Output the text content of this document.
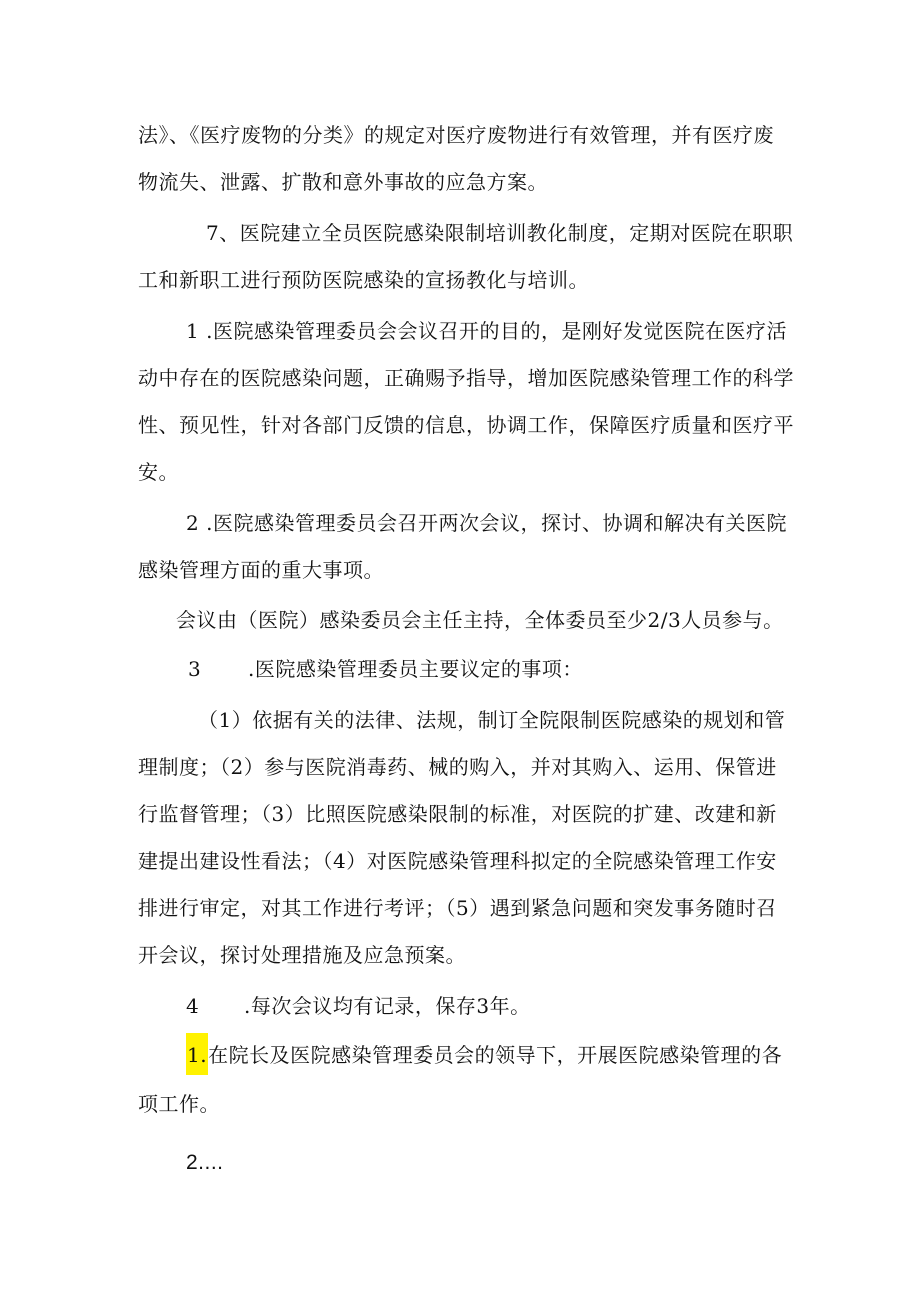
法》、《医疗废物的分类》的规定对医疗废物进行有效管理，并有医疗废
物流失、泄露、扩散和意外事故的应急方案。
7、医院建立全员医院感染限制培训教化制度，定期对医院在职职
工和新职工进行预防医院感染的宣扬教化与培训。
1 .医院感染管理委员会会议召开的目的，是刚好发觉医院在医疗活
动中存在的医院感染问题，正确赐予指导，增加医院感染管理工作的科学
性、预见性，针对各部门反馈的信息，协调工作，保障医疗质量和医疗平
安。
2 .医院感染管理委员会召开两次会议，探讨、协调和解决有关医院
感染管理方面的重大事项。
会议由（医院）感染委员会主任主持，全体委员至少2/3人员参与。
3 .医院感染管理委员主要议定的事项：
（1）依据有关的法律、法规，制订全院限制医院感染的规划和管
理制度；（2）参与医院消毒药、械的购入，并对其购入、运用、保管进
行监督管理；（3）比照医院感染限制的标准，对医院的扩建、改建和新
建提出建设性看法；（4）对医院感染管理科拟定的全院感染管理工作安
排进行审定，对其工作进行考评；（5）遇到紧急问题和突发事务随时召
开会议，探讨处理措施及应急预案。
4 .每次会议均有记录，保存3年。
1.在院长及医院感染管理委员会的领导下，开展医院感染管理的各
项工作。
2....
